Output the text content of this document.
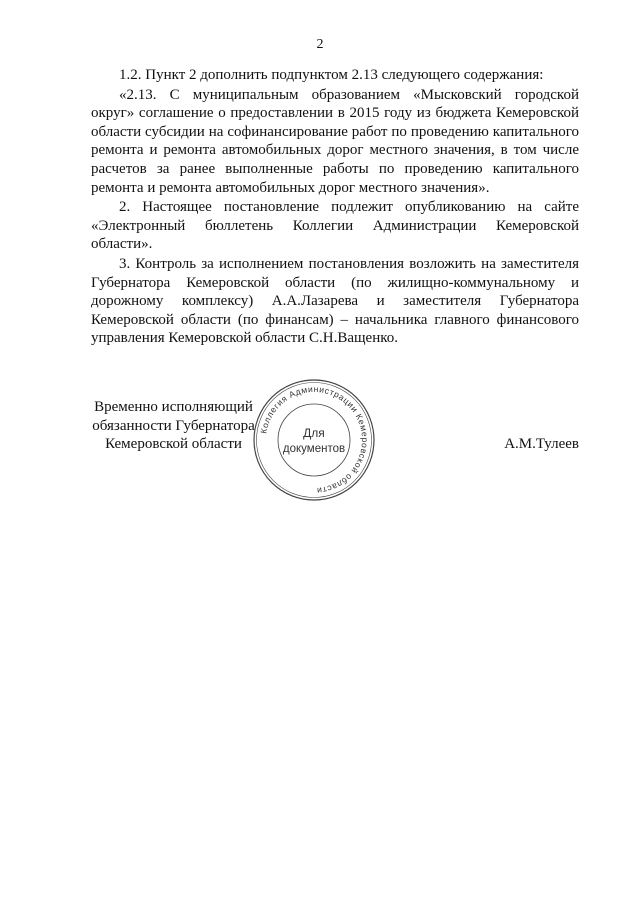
2

1.2. Пункт 2 дополнить подпунктом 2.13 следующего содержания:

«2.13. С муниципальным образованием «Мысковский городской округ» соглашение о предоставлении в 2015 году из бюджета Кемеровской области субсидии на софинансирование работ по проведению капитального ремонта и ремонта автомобильных дорог местного значения, в том числе расчетов за ранее выполненные работы по проведению капитального ремонта и ремонта автомобильных дорог местного значения».

2. Настоящее постановление подлежит опубликованию на сайте «Электронный бюллетень Коллегии Администрации Кемеровской области».

3. Контроль за исполнением постановления возложить на заместителя Губернатора Кемеровской области (по жилищно-коммунальному и дорожному комплексу) А.А.Лазарева и заместителя Губернатора Кемеровской области (по финансам) – начальника главного финансового управления Кемеровской области С.Н.Ващенко.

Временно исполняющий
обязанности Губернатора
Кемеровской области
Коллегия Администрации Кемеровской области
Для
документов	А.М.Тулеев
